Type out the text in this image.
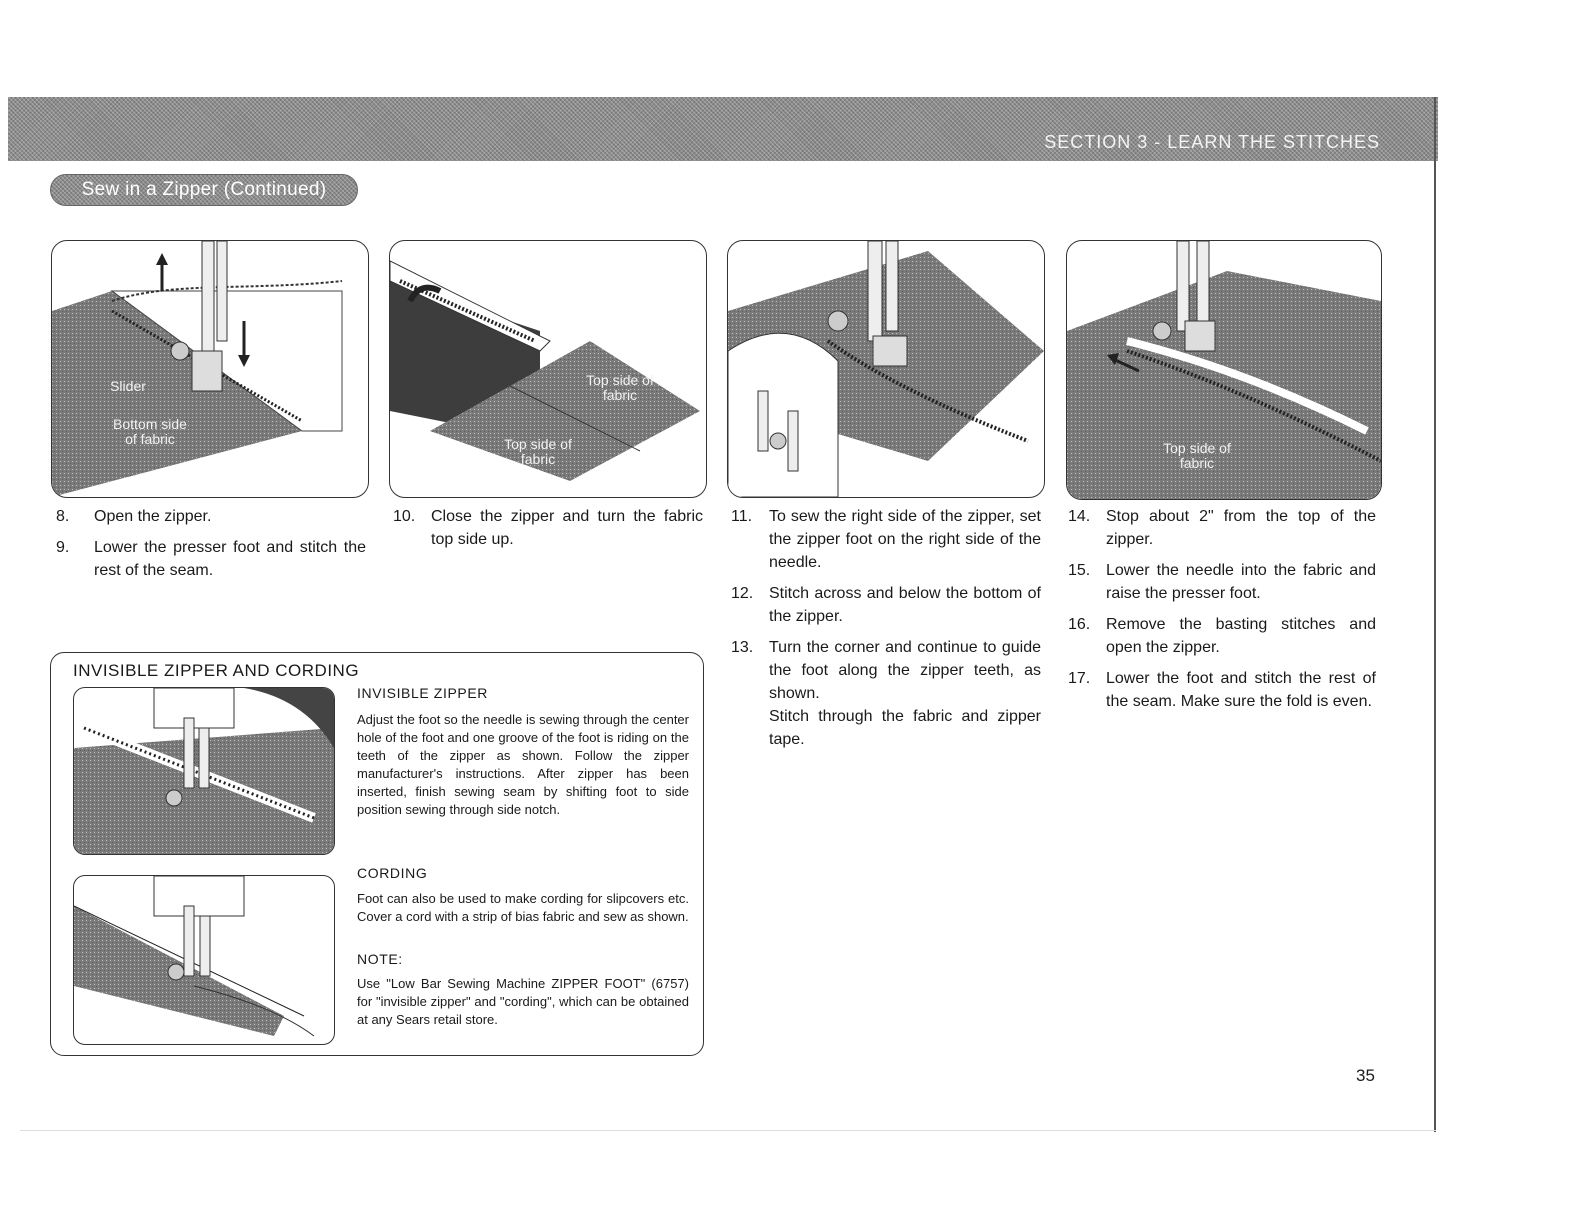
SECTION 3 - LEARN THE STITCHES
Sew in a Zipper (Continued)
Slider
Bottom side of fabric
Top side of fabric
Top side of fabric
Top side of fabric
8. Open the zipper.
9. Lower the presser foot and stitch the rest of the seam.
10. Close the zipper and turn the fabric top side up.
11. To sew the right side of the zipper, set the zipper foot on the right side of the needle.
12. Stitch across and below the bottom of the zipper.
13. Turn the corner and continue to guide the foot along the zipper teeth, as shown.
Stitch through the fabric and zipper tape.
14. Stop about 2" from the top of the zipper.
15. Lower the needle into the fabric and raise the presser foot.
16. Remove the basting stitches and open the zipper.
17. Lower the foot and stitch the rest of the seam. Make sure the fold is even.
INVISIBLE ZIPPER AND CORDING
INVISIBLE ZIPPER
Adjust the foot so the needle is sewing through the center hole of the foot and one groove of the foot is riding on the teeth of the zipper as shown. Follow the zipper manufacturer's instructions. After zipper has been inserted, finish sewing seam by shifting foot to side position sewing through side notch.
CORDING
Foot can also be used to make cording for slipcovers etc. Cover a cord with a strip of bias fabric and sew as shown.
NOTE:
Use "Low Bar Sewing Machine ZIPPER FOOT" (6757) for "invisible zipper" and "cording", which can be obtained at any Sears retail store.
35
